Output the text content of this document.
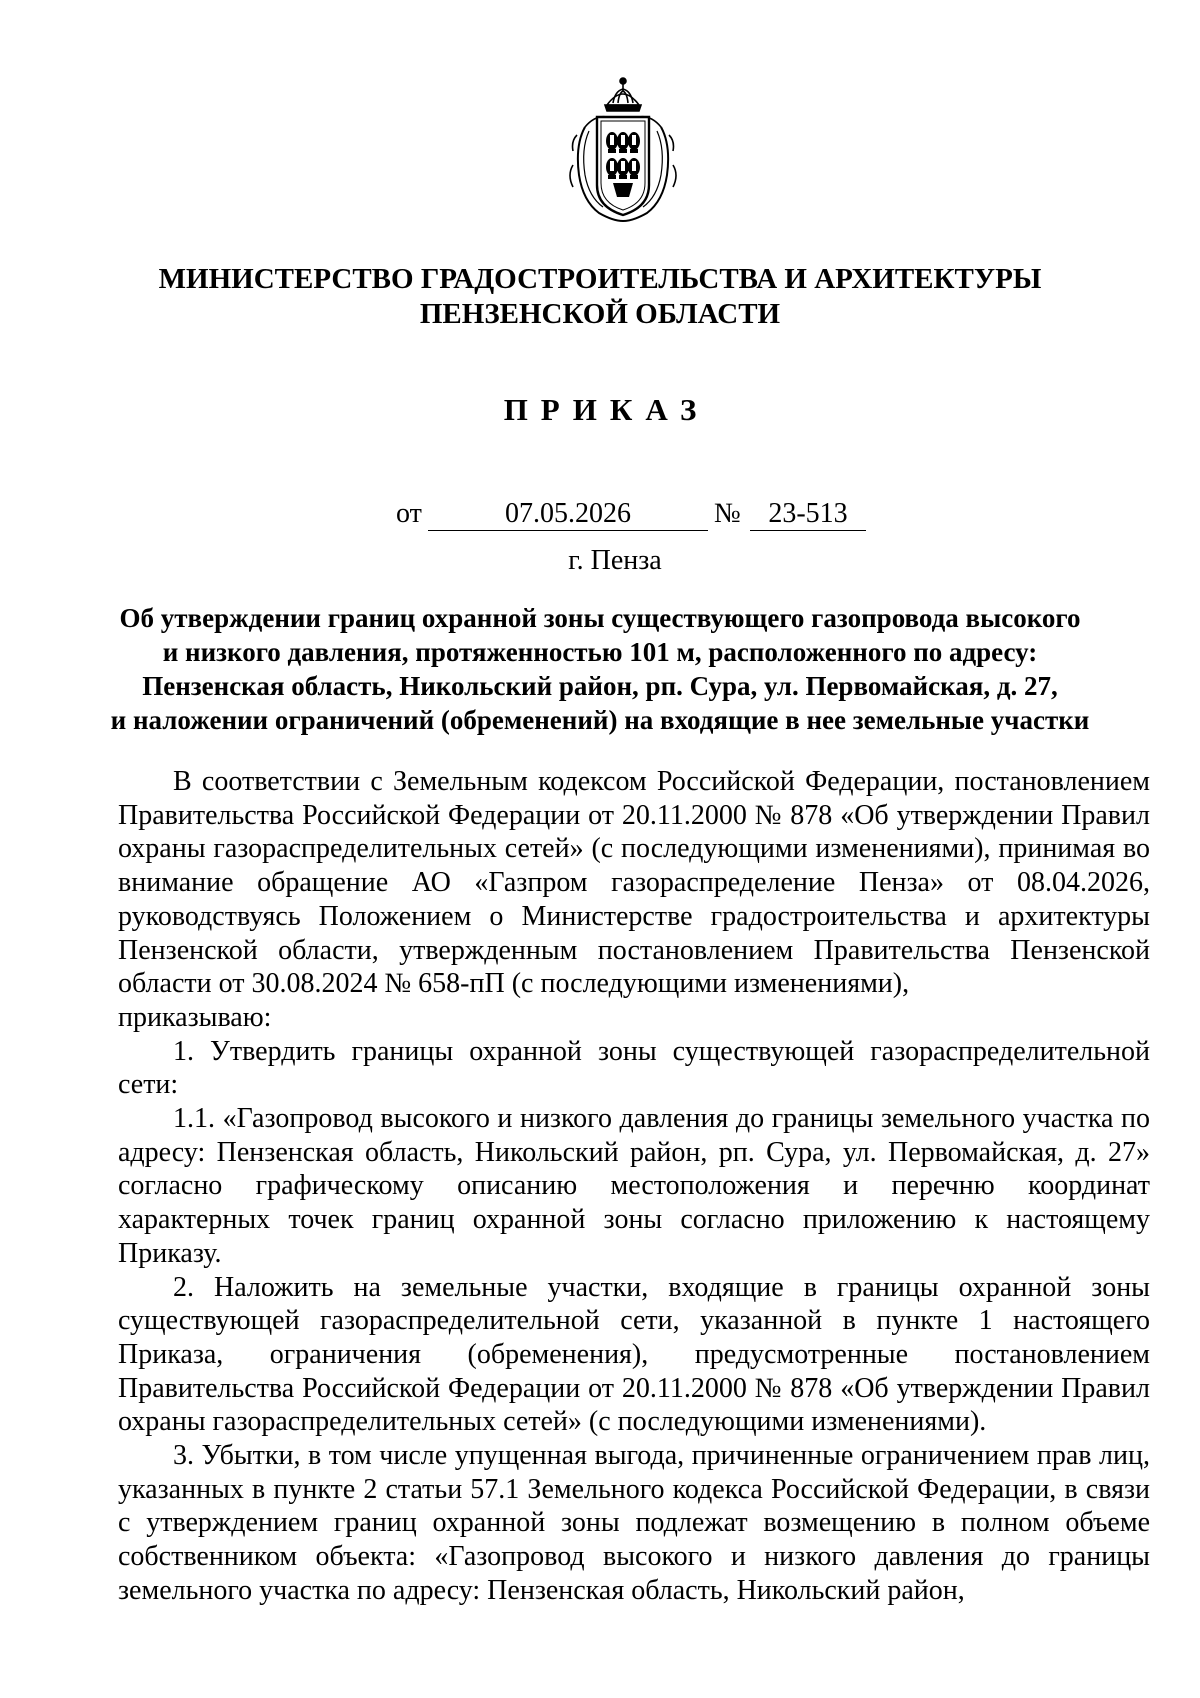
МИНИСТЕРСТВО ГРАДОСТРОИТЕЛЬСТВА И АРХИТЕКТУРЫ
ПЕНЗЕНСКОЙ ОБЛАСТИ
ПРИКАЗ
от	07.05.2026	№ 23-513
г. Пенза
Об утверждении границ охранной зоны существующего газопровода высокого
и низкого давления, протяженностью 101 м, расположенного по адресу:
Пензенская область, Никольский район, рп. Сура, ул. Первомайская, д. 27,
и наложении ограничений (обременений) на входящие в нее земельные участки

В соответствии с Земельным кодексом Российской Федерации, постановлением Правительства Российской Федерации от 20.11.2000 № 878 «Об утверждении Правил охраны газораспределительных сетей» (с последующими изменениями), принимая во внимание обращение АО «Газпром газораспределение Пенза» от 08.04.2026, руководствуясь Положением о Министерстве градостроительства и архитектуры Пензенской области, утвержденным постановлением Правительства Пензенской области от 30.08.2024 № 658-пП (с последующими изменениями),

приказываю:

1. Утвердить границы охранной зоны существующей газораспределительной сети:

1.1. «Газопровод высокого и низкого давления до границы земельного участка по адресу: Пензенская область, Никольский район, рп. Сура, ул. Первомайская, д. 27» согласно графическому описанию местоположения и перечню координат характерных точек границ охранной зоны согласно приложению к настоящему Приказу.

2. Наложить на земельные участки, входящие в границы охранной зоны существующей газораспределительной сети, указанной в пункте 1 настоящего Приказа, ограничения (обременения), предусмотренные постановлением Правительства Российской Федерации от 20.11.2000 № 878 «Об утверждении Правил охраны газораспределительных сетей» (с последующими изменениями).

3. Убытки, в том числе упущенная выгода, причиненные ограничением прав лиц, указанных в пункте 2 статьи 57.1 Земельного кодекса Российской Федерации, в связи с утверждением границ охранной зоны подлежат возмещению в полном объеме собственником объекта: «Газопровод высокого и низкого давления до границы земельного участка по адресу: Пензенская область, Никольский район,
